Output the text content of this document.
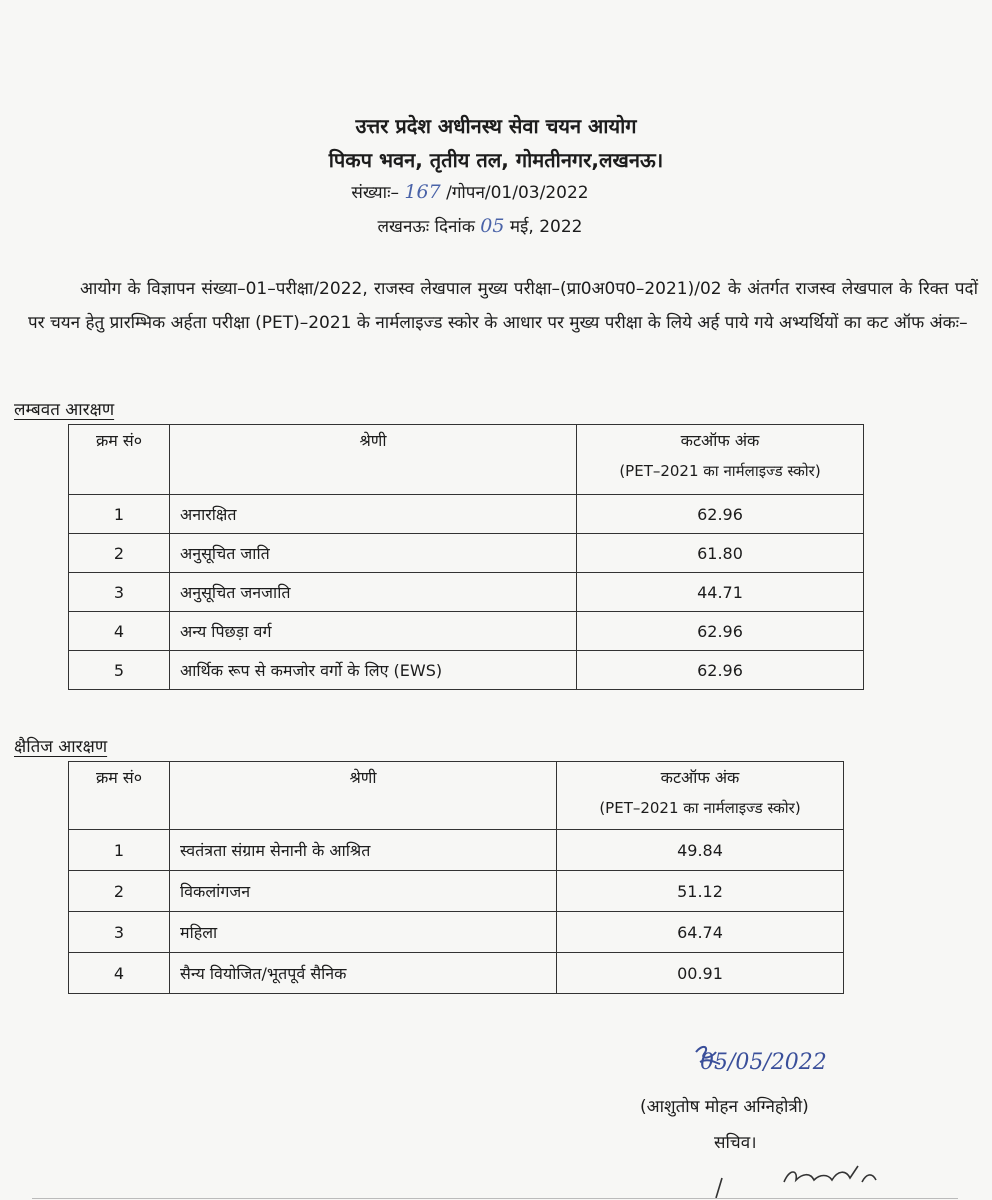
उत्तर प्रदेश अधीनस्थ सेवा चयन आयोग
पिकप भवन, तृतीय तल, गोमतीनगर,लखनऊ।
संख्याः– 167 /गोपन/01/03/2022
लखनऊः दिनांक 05 मई, 2022
आयोग के विज्ञापन संख्या–01–परीक्षा/2022, राजस्व लेखपाल मुख्य परीक्षा–(प्रा0अ0प0–2021)/02 के अंतर्गत राजस्व लेखपाल के रिक्त पदों पर चयन हेतु प्रारम्भिक अर्हता परीक्षा (PET)–2021 के नार्मलाइज्ड स्कोर के आधार पर मुख्य परीक्षा के लिये अर्ह पाये गये अभ्यर्थियों का कट ऑफ अंकः–
लम्बवत आरक्षण
क्रम सं०	श्रेणी	कटऑफ अंक
(PET–2021 का नार्मलाइज्ड स्कोर)

1	अनारक्षित	62.96
2	अनुसूचित जाति	61.80
3	अनुसूचित जनजाति	44.71
4	अन्य पिछड़ा वर्ग	62.96
5	आर्थिक रूप से कमजोर वर्गो के लिए (EWS)	62.96
क्षैतिज आरक्षण
क्रम सं०	श्रेणी	कटऑफ अंक
(PET–2021 का नार्मलाइज्ड स्कोर)

1	स्वतंत्रता संग्राम सेनानी के आश्रित	49.84
2	विकलांगजन	51.12
3	महिला	64.74
4	सैन्य वियोजित/भूतपूर्व सैनिक	00.91
05/05/2022
(आशुतोष मोहन अग्निहोत्री)
सचिव।
